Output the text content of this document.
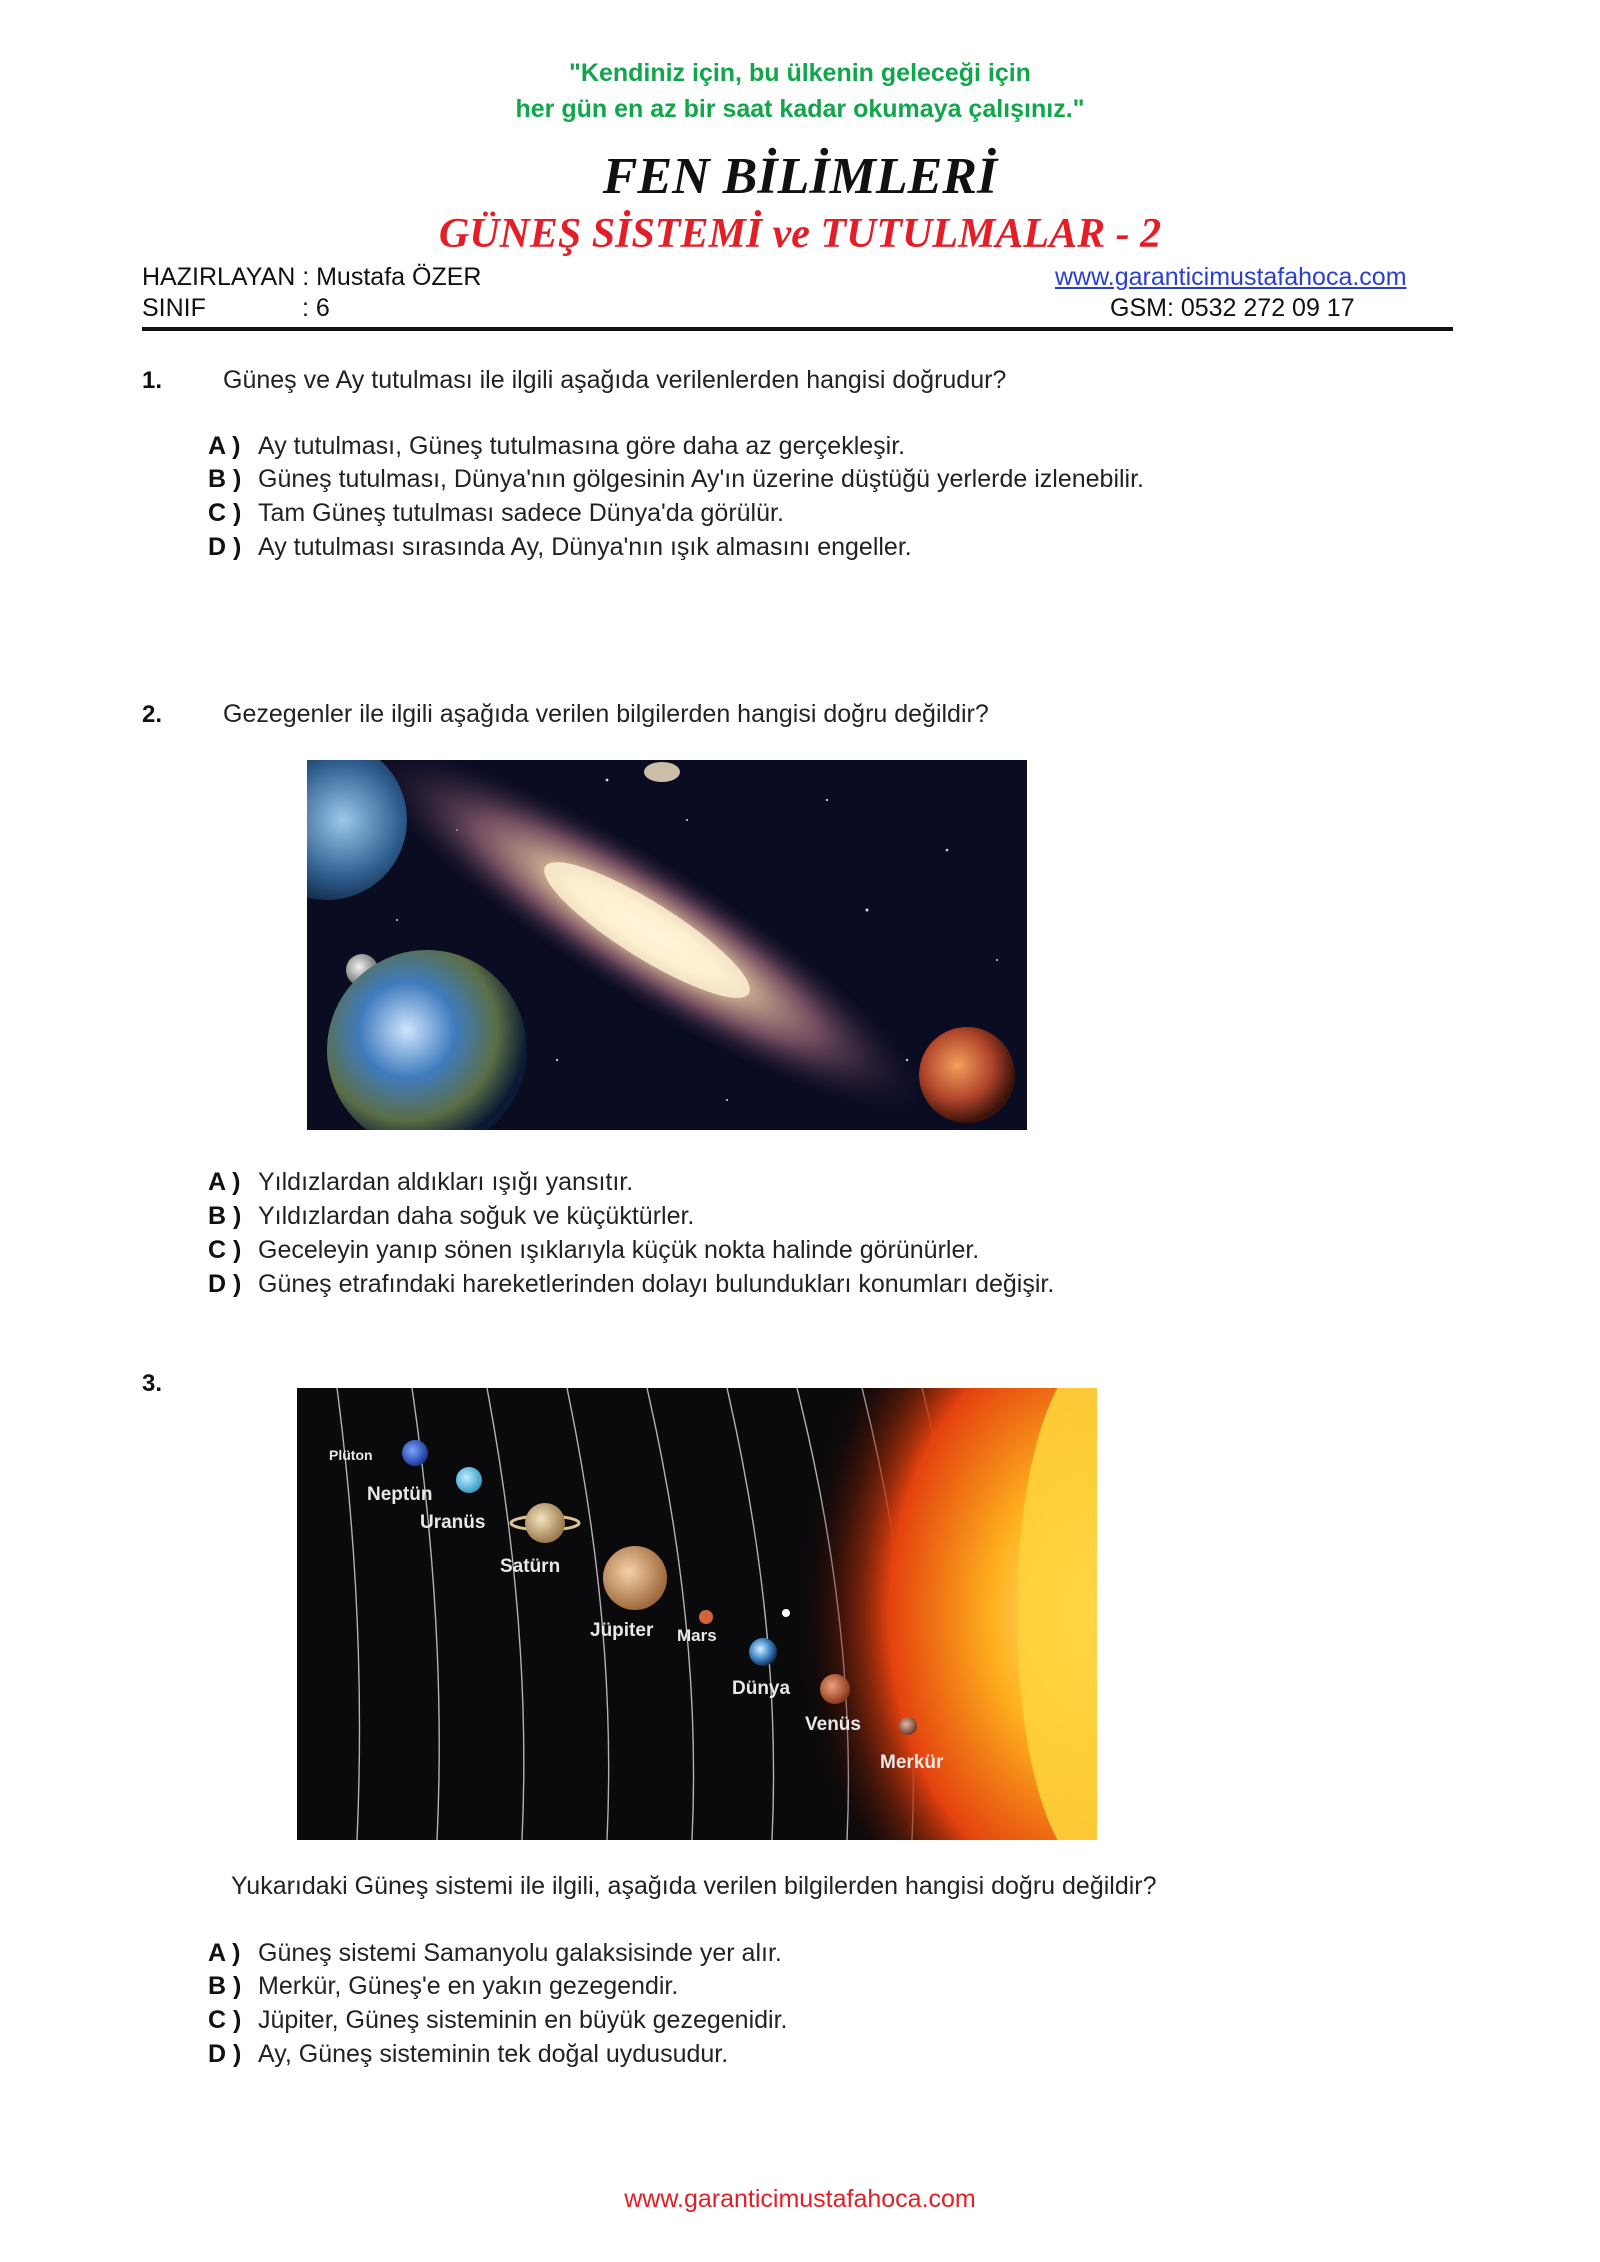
"Kendiniz için, bu ülkenin geleceği için
her gün en az bir saat kadar okumaya çalışınız."
FEN BİLİMLERİ
GÜNEŞ SİSTEMİ ve TUTULMALAR - 2
HAZIRLAYAN : Mustafa ÖZER	www.garanticimustafahoca.com
SINIF	: 6	GSM: 0532 272 09 17
1. Güneş ve Ay tutulması ile ilgili aşağıda verilenlerden hangisi doğrudur?
A ) Ay tutulması, Güneş tutulmasına göre daha az gerçekleşir.
B ) Güneş tutulması, Dünya'nın gölgesinin Ay'ın üzerine düştüğü yerlerde izlenebilir.
C ) Tam Güneş tutulması sadece Dünya'da görülür.
D ) Ay tutulması sırasında Ay, Dünya'nın ışık almasını engeller.
2. Gezegenler ile ilgili aşağıda verilen bilgilerden hangisi doğru değildir?
A ) Yıldızlardan aldıkları ışığı yansıtır.
B ) Yıldızlardan daha soğuk ve küçüktürler.
C ) Geceleyin yanıp sönen ışıklarıyla küçük nokta halinde görünürler.
D ) Güneş etrafındaki hareketlerinden dolayı bulundukları konumları değişir.
3.
Plüton
Neptün
Uranüs
Satürn
Jüpiter Mars
Dünya
Venüs
Merkür
Yukarıdaki Güneş sistemi ile ilgili, aşağıda verilen bilgilerden hangisi doğru değildir?
A ) Güneş sistemi Samanyolu galaksisinde yer alır.
B ) Merkür, Güneş'e en yakın gezegendir.
C ) Jüpiter, Güneş sisteminin en büyük gezegenidir.
D ) Ay, Güneş sisteminin tek doğal uydusudur.
www.garanticimustafahoca.com
